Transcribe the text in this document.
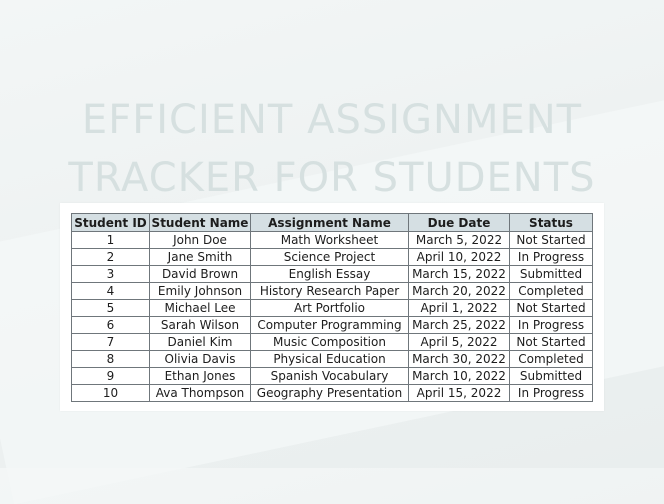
EFFICIENT ASSIGNMENT
TRACKER FOR STUDENTS
Student ID	Student Name	Assignment Name	Due Date	Status
1	John Doe	Math Worksheet	March 5, 2022	Not Started
2	Jane Smith	Science Project	April 10, 2022	In Progress
3	David Brown	English Essay	March 15, 2022	Submitted
4	Emily Johnson	History Research Paper	March 20, 2022	Completed
5	Michael Lee	Art Portfolio	April 1, 2022	Not Started
6	Sarah Wilson	Computer Programming	March 25, 2022	In Progress
7	Daniel Kim	Music Composition	April 5, 2022	Not Started
8	Olivia Davis	Physical Education	March 30, 2022	Completed
9	Ethan Jones	Spanish Vocabulary	March 10, 2022	Submitted
10	Ava Thompson	Geography Presentation	April 15, 2022	In Progress
